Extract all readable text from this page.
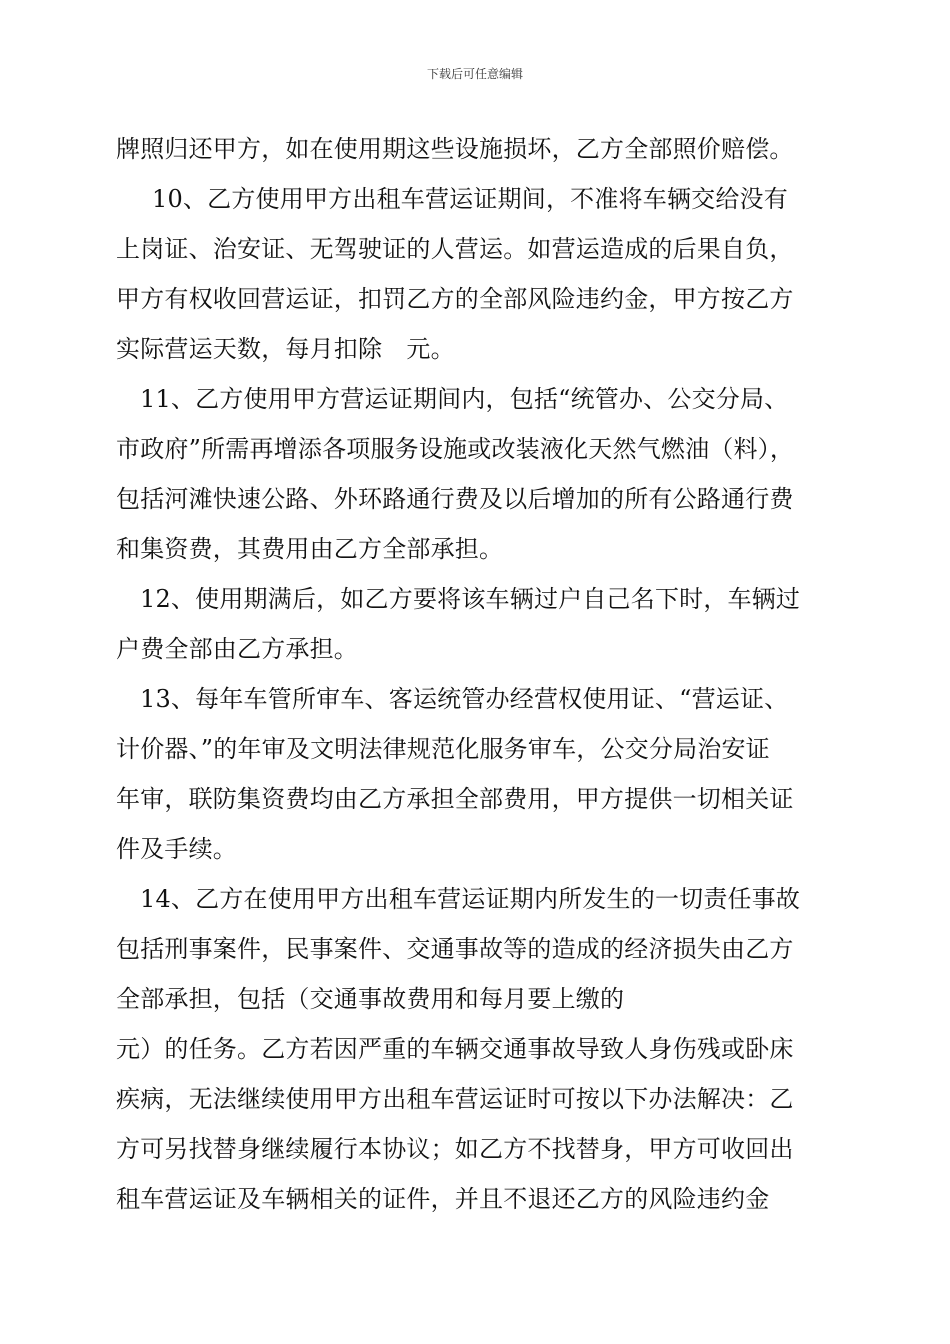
下载后可任意编辑
牌照归还甲方，如在使用期这些设施损坏，乙方全部照价赔偿。
10、乙方使用甲方出租车营运证期间，不准将车辆交给没有
上岗证、治安证、无驾驶证的人营运。如营运造成的后果自负，
甲方有权收回营运证，扣罚乙方的全部风险违约金，甲方按乙方
实际营运天数，每月扣除　元。
11、乙方使用甲方营运证期间内，包括“统管办、公交分局、
市政府”所需再增添各项服务设施或改装液化天然气燃油（料），
包括河滩快速公路、外环路通行费及以后增加的所有公路通行费
和集资费，其费用由乙方全部承担。
12、使用期满后，如乙方要将该车辆过户自己名下时，车辆过
户费全部由乙方承担。
13、每年车管所审车、客运统管办经营权使用证、“营运证、
计价器、”的年审及文明法律规范化服务审车，公交分局治安证
年审，联防集资费均由乙方承担全部费用，甲方提供一切相关证
件及手续。
14、乙方在使用甲方出租车营运证期内所发生的一切责任事故
包括刑事案件，民事案件、交通事故等的造成的经济损失由乙方
全部承担，包括（交通事故费用和每月要上缴的
元）的任务。乙方若因严重的车辆交通事故导致人身伤残或卧床
疾病，无法继续使用甲方出租车营运证时可按以下办法解决：乙
方可另找替身继续履行本协议；如乙方不找替身，甲方可收回出
租车营运证及车辆相关的证件，并且不退还乙方的风险违约金
